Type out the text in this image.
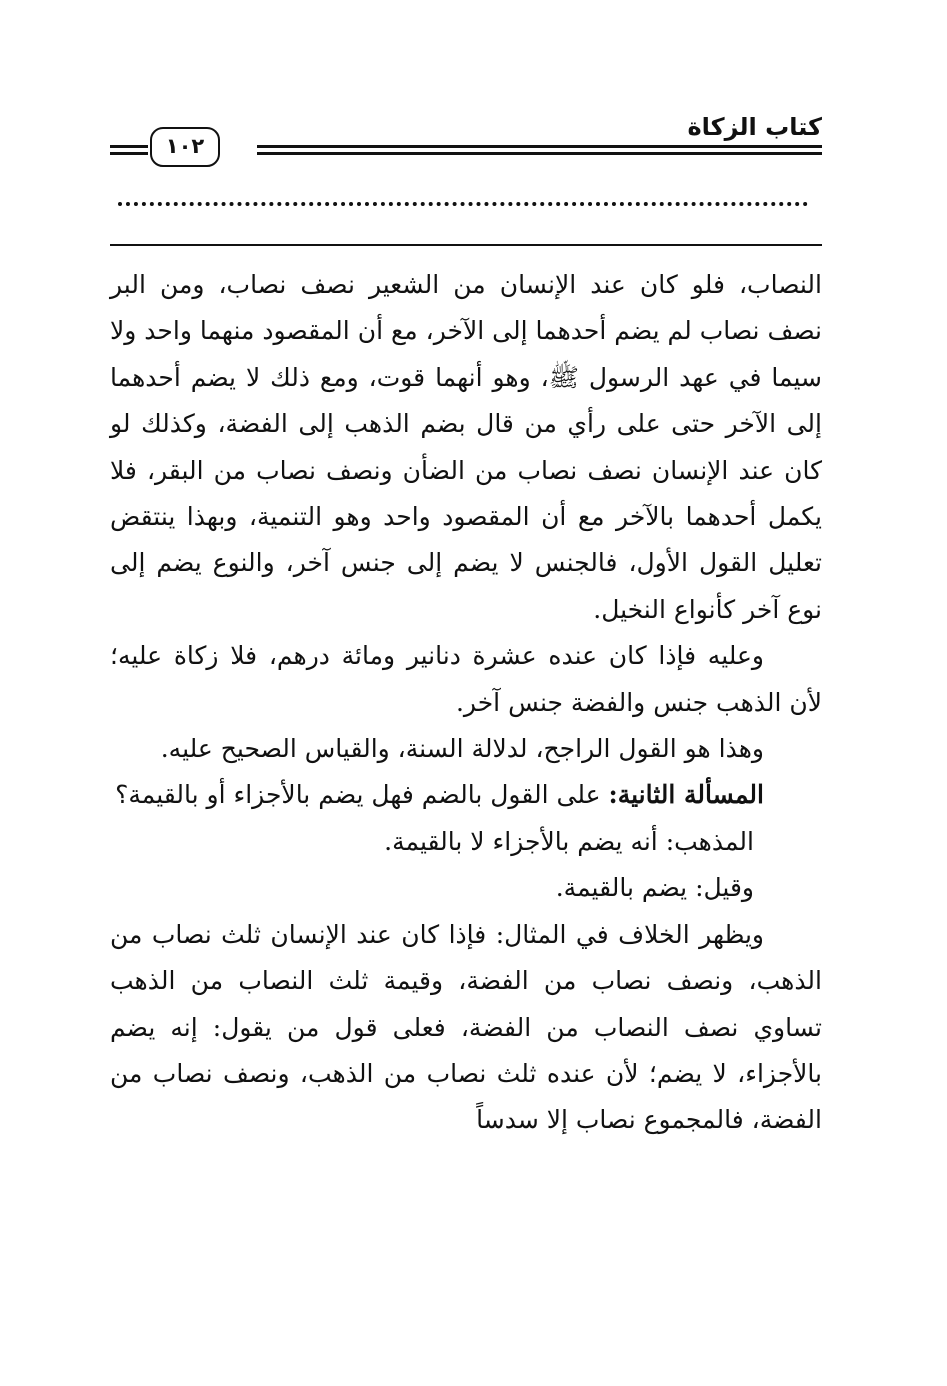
كتاب الزكاة
١٠٢

النصاب، فلو كان عند الإنسان من الشعير نصف نصاب، ومن البر نصف نصاب لم يضم أحدهما إلى الآخر، مع أن المقصود منهما واحد ولا سيما في عهد الرسول ﷺ، وهو أنهما قوت، ومع ذلك لا يضم أحدهما إلى الآخر حتى على رأي من قال بضم الذهب إلى الفضة، وكذلك لو كان عند الإنسان نصف نصاب من الضأن ونصف نصاب من البقر، فلا يكمل أحدهما بالآخر مع أن المقصود واحد وهو التنمية، وبهذا ينتقض تعليل القول الأول، فالجنس لا يضم إلى جنس آخر، والنوع يضم إلى نوع آخر كأنواع النخيل.

وعليه فإذا كان عنده عشرة دنانير ومائة درهم، فلا زكاة عليه؛ لأن الذهب جنس والفضة جنس آخر.

وهذا هو القول الراجح، لدلالة السنة، والقياس الصحيح عليه.

المسألة الثانية: على القول بالضم فهل يضم بالأجزاء أو بالقيمة؟

المذهب: أنه يضم بالأجزاء لا بالقيمة.

وقيل: يضم بالقيمة.

ويظهر الخلاف في المثال: فإذا كان عند الإنسان ثلث نصاب من الذهب، ونصف نصاب من الفضة، وقيمة ثلث النصاب من الذهب تساوي نصف النصاب من الفضة، فعلى قول من يقول: إنه يضم بالأجزاء، لا يضم؛ لأن عنده ثلث نصاب من الذهب، ونصف نصاب من الفضة، فالمجموع نصاب إلا سدساً
